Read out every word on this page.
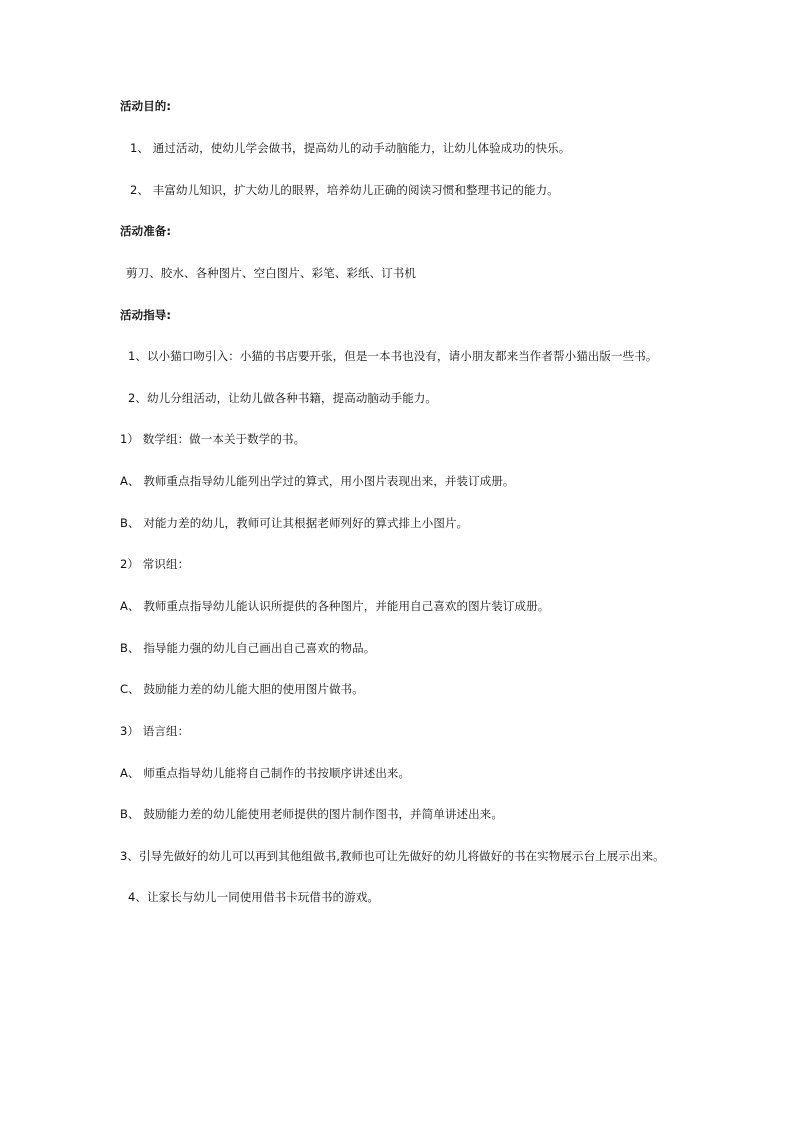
活动目的:
1、 通过活动，使幼儿学会做书，提高幼儿的动手动脑能力，让幼儿体验成功的快乐。
2、 丰富幼儿知识，扩大幼儿的眼界，培养幼儿正确的阅读习惯和整理书记的能力。
活动准备:
剪刀、胶水、各种图片、空白图片、彩笔、彩纸、订书机
活动指导:
1、以小猫口吻引入：小猫的书店要开张，但是一本书也没有，请小朋友都来当作者帮小猫出版一些书。
2、幼儿分组活动，让幼儿做各种书籍，提高动脑动手能力。
1） 数学组：做一本关于数学的书。
A、 教师重点指导幼儿能列出学过的算式，用小图片表现出来，并装订成册。
B、 对能力差的幼儿，教师可让其根据老师列好的算式排上小图片。
2） 常识组：
A、 教师重点指导幼儿能认识所提供的各种图片，并能用自己喜欢的图片装订成册。
B、 指导能力强的幼儿自己画出自己喜欢的物品。
C、 鼓励能力差的幼儿能大胆的使用图片做书。
3） 语言组：
A、 师重点指导幼儿能将自己制作的书按顺序讲述出来。
B、 鼓励能力差的幼儿能使用老师提供的图片制作图书，并简单讲述出来。
3、引导先做好的幼儿可以再到其他组做书,教师也可让先做好的幼儿将做好的书在实物展示台上展示出来。
4、让家长与幼儿一同使用借书卡玩借书的游戏。
